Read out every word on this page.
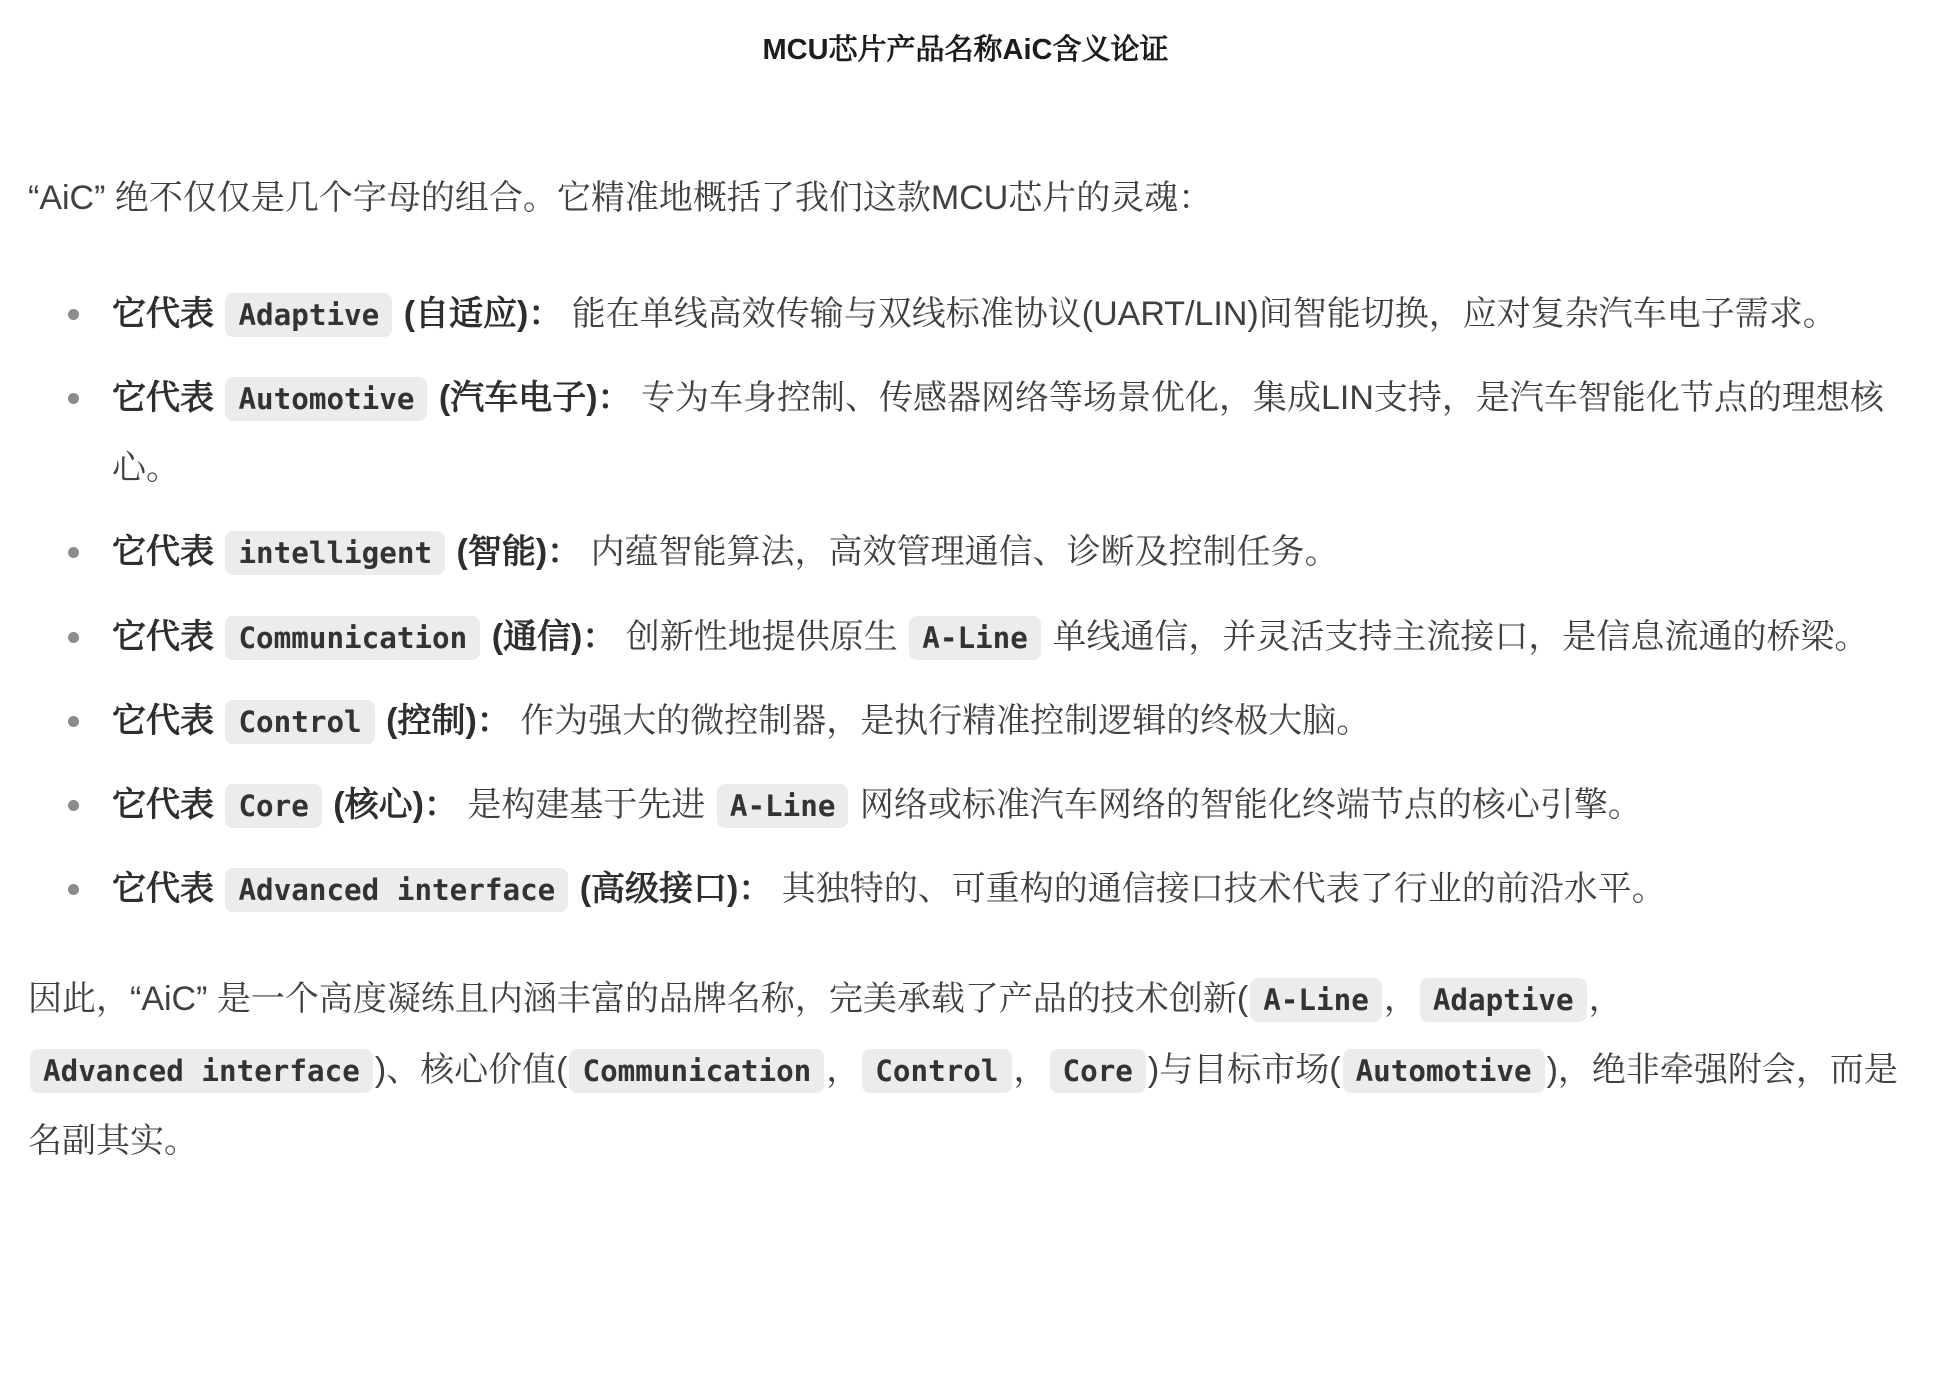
MCU芯片产品名称AiC含义论证

“AiC” 绝不仅仅是几个字母的组合。它精准地概括了我们这款MCU芯片的灵魂：

它代表 Adaptive (自适应)： 能在单线高效传输与双线标准协议(UART/LIN)间智能切换，应对复杂汽车电子需求。
它代表 Automotive (汽车电子)： 专为车身控制、传感器网络等场景优化，集成LIN支持，是汽车智能化节点的理想核心。
它代表 intelligent (智能)： 内蕴智能算法，高效管理通信、诊断及控制任务。
它代表 Communication (通信)： 创新性地提供原生 A-Line 单线通信，并灵活支持主流接口，是信息流通的桥梁。
它代表 Control (控制)： 作为强大的微控制器，是执行精准控制逻辑的终极大脑。
它代表 Core (核心)： 是构建基于先进 A-Line 网络或标准汽车网络的智能化终端节点的核心引擎。
它代表 Advanced interface (高级接口)： 其独特的、可重构的通信接口技术代表了行业的前沿水平。

因此，“AiC” 是一个高度凝练且内涵丰富的品牌名称，完美承载了产品的技术创新( A-Line ， Adaptive ，Advanced interface )、核心价值( Communication ， Control ， Core )与目标市场( Automotive )，绝非牵强附会，而是名副其实。
